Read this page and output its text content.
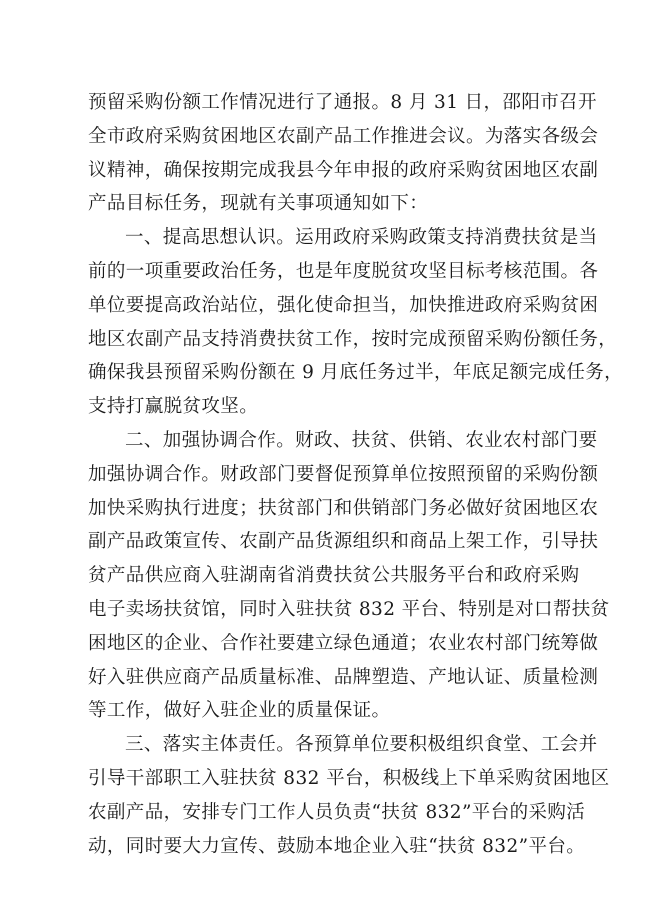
预留采购份额工作情况进行了通报。8 月 31 日，邵阳市召开
全市政府采购贫困地区农副产品工作推进会议。为落实各级会
议精神，确保按期完成我县今年申报的政府采购贫困地区农副
产品目标任务，现就有关事项通知如下：
一、提高思想认识。运用政府采购政策支持消费扶贫是当
前的一项重要政治任务，也是年度脱贫攻坚目标考核范围。各
单位要提高政治站位，强化使命担当，加快推进政府采购贫困
地区农副产品支持消费扶贫工作，按时完成预留采购份额任务，
确保我县预留采购份额在 9 月底任务过半，年底足额完成任务，
支持打赢脱贫攻坚。
二、加强协调合作。财政、扶贫、供销、农业农村部门要
加强协调合作。财政部门要督促预算单位按照预留的采购份额
加快采购执行进度；扶贫部门和供销部门务必做好贫困地区农
副产品政策宣传、农副产品货源组织和商品上架工作，引导扶
贫产品供应商入驻湖南省消费扶贫公共服务平台和政府采购
电子卖场扶贫馆，同时入驻扶贫 832 平台、特别是对口帮扶贫
困地区的企业、合作社要建立绿色通道；农业农村部门统筹做
好入驻供应商产品质量标准、品牌塑造、产地认证、质量检测
等工作，做好入驻企业的质量保证。
三、落实主体责任。各预算单位要积极组织食堂、工会并
引导干部职工入驻扶贫 832 平台，积极线上下单采购贫困地区
农副产品，安排专门工作人员负责“扶贫 832”平台的采购活
动，同时要大力宣传、鼓励本地企业入驻“扶贫 832”平台。
